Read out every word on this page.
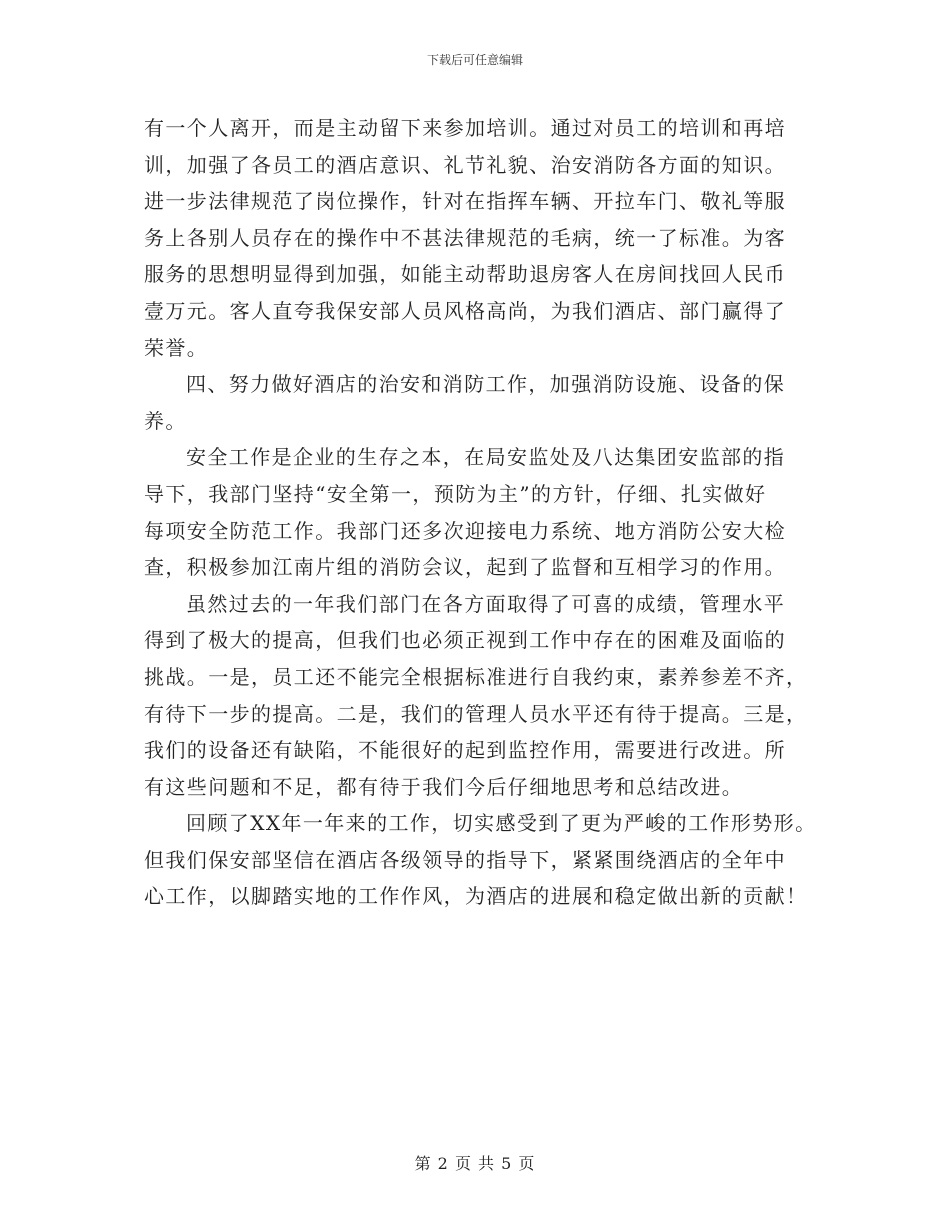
下载后可任意编辑
有一个人离开，而是主动留下来参加培训。通过对员工的培训和再培
训，加强了各员工的酒店意识、礼节礼貌、治安消防各方面的知识。
进一步法律规范了岗位操作，针对在指挥车辆、开拉车门、敬礼等服
务上各别人员存在的操作中不甚法律规范的毛病，统一了标准。为客
服务的思想明显得到加强，如能主动帮助退房客人在房间找回人民币
壹万元。客人直夸我保安部人员风格高尚，为我们酒店、部门赢得了
荣誉。
四、努力做好酒店的治安和消防工作，加强消防设施、设备的保
养。
安全工作是企业的生存之本，在局安监处及八达集团安监部的指
导下，我部门坚持“安全第一，预防为主”的方针，仔细、扎实做好
每项安全防范工作。我部门还多次迎接电力系统、地方消防公安大检
查，积极参加江南片组的消防会议，起到了监督和互相学习的作用。
虽然过去的一年我们部门在各方面取得了可喜的成绩，管理水平
得到了极大的提高，但我们也必须正视到工作中存在的困难及面临的
挑战。一是，员工还不能完全根据标准进行自我约束，素养参差不齐，
有待下一步的提高。二是，我们的管理人员水平还有待于提高。三是，
我们的设备还有缺陷，不能很好的起到监控作用，需要进行改进。所
有这些问题和不足，都有待于我们今后仔细地思考和总结改进。
回顾了XX年一年来的工作，切实感受到了更为严峻的工作形势形。
但我们保安部坚信在酒店各级领导的指导下，紧紧围绕酒店的全年中
心工作，以脚踏实地的工作作风，为酒店的进展和稳定做出新的贡献！
第 2 页 共 5 页
